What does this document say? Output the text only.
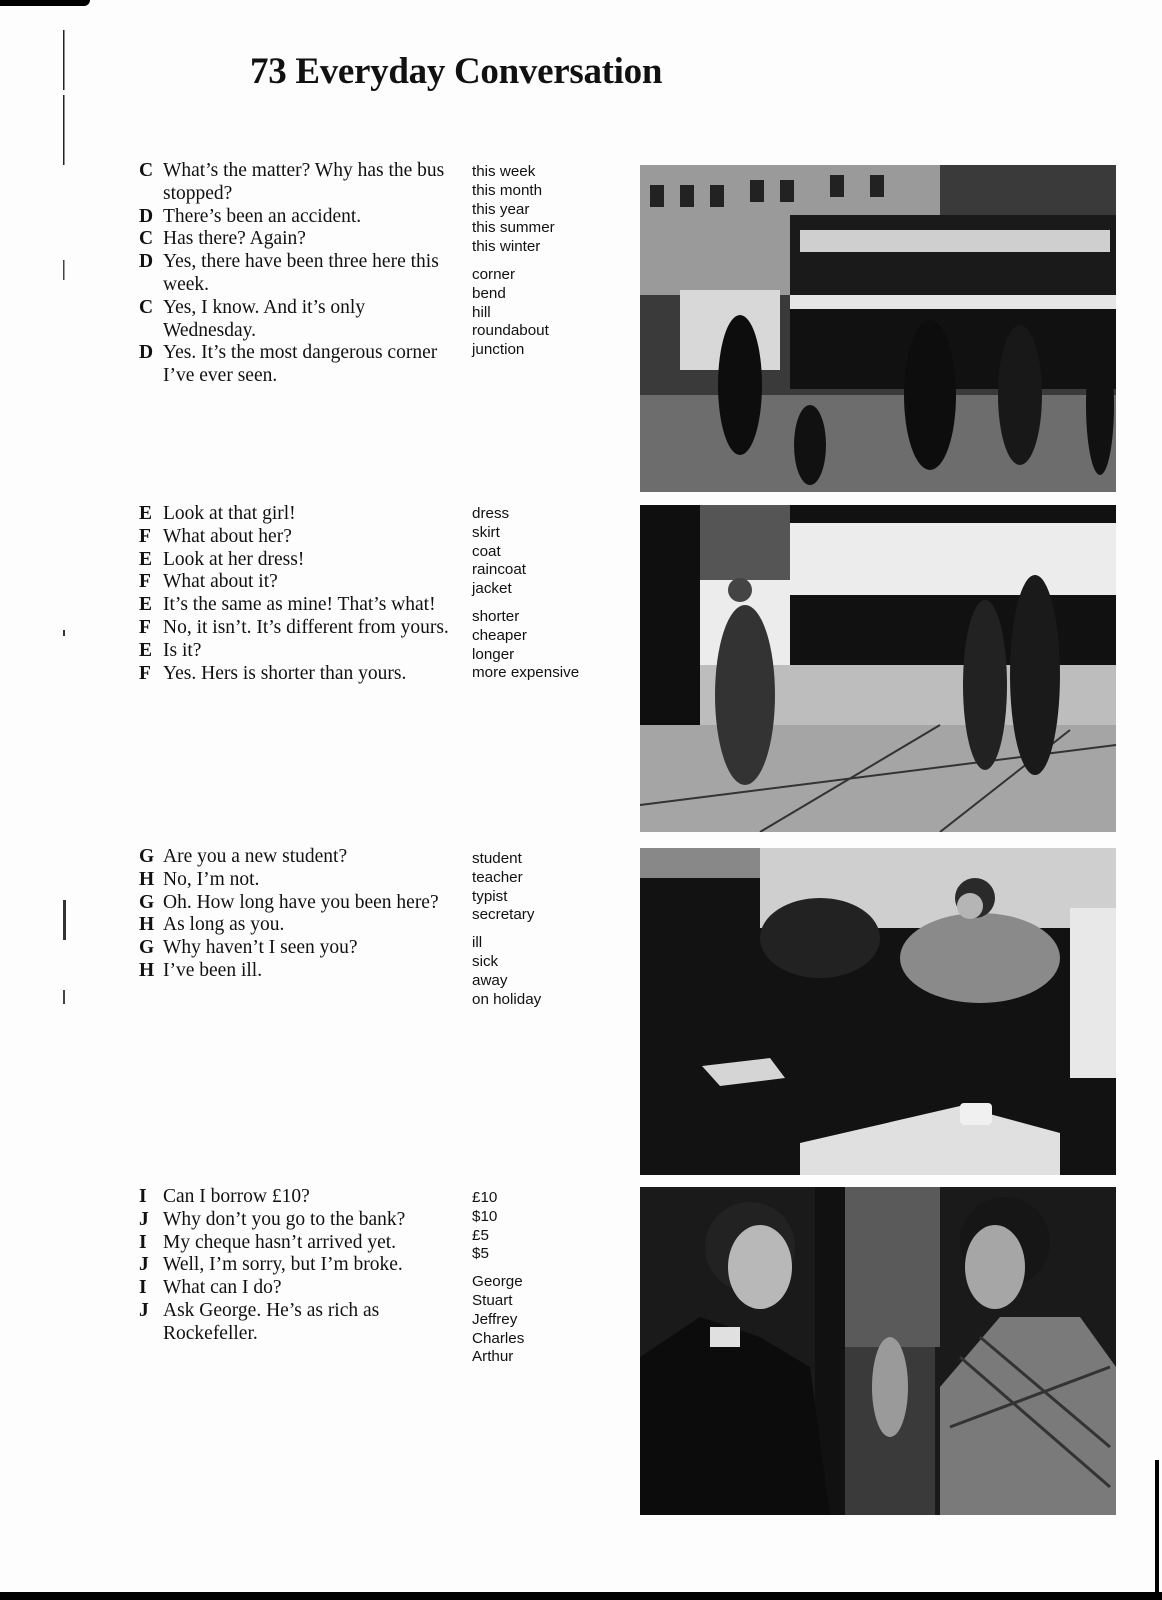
73 Everyday Conversation
C What’s the matter? Why has the bus stopped?
D There’s been an accident.
C Has there? Again?
D Yes, there have been three here this week.
C Yes, I know. And it’s only Wednesday.
D Yes. It’s the most dangerous corner I’ve ever seen.
this week
this month
this year
this summer
this winter
corner
bend
hill
roundabout
junction
E Look at that girl!
F What about her?
E Look at her dress!
F What about it?
E It’s the same as mine! That’s what!
F No, it isn’t. It’s different from yours.
E Is it?
F Yes. Hers is shorter than yours.
dress
skirt
coat
raincoat
jacket
shorter
cheaper
longer
more expensive
G Are you a new student?
H No, I’m not.
G Oh. How long have you been here?
H As long as you.
G Why haven’t I seen you?
H I’ve been ill.
student
teacher
typist
secretary
ill
sick
away
on holiday
I Can I borrow £10?
J Why don’t you go to the bank?
I My cheque hasn’t arrived yet.
J Well, I’m sorry, but I’m broke.
I What can I do?
J Ask George. He’s as rich as Rockefeller.
£10
$10
£5
$5
George
Stuart
Jeffrey
Charles
Arthur
